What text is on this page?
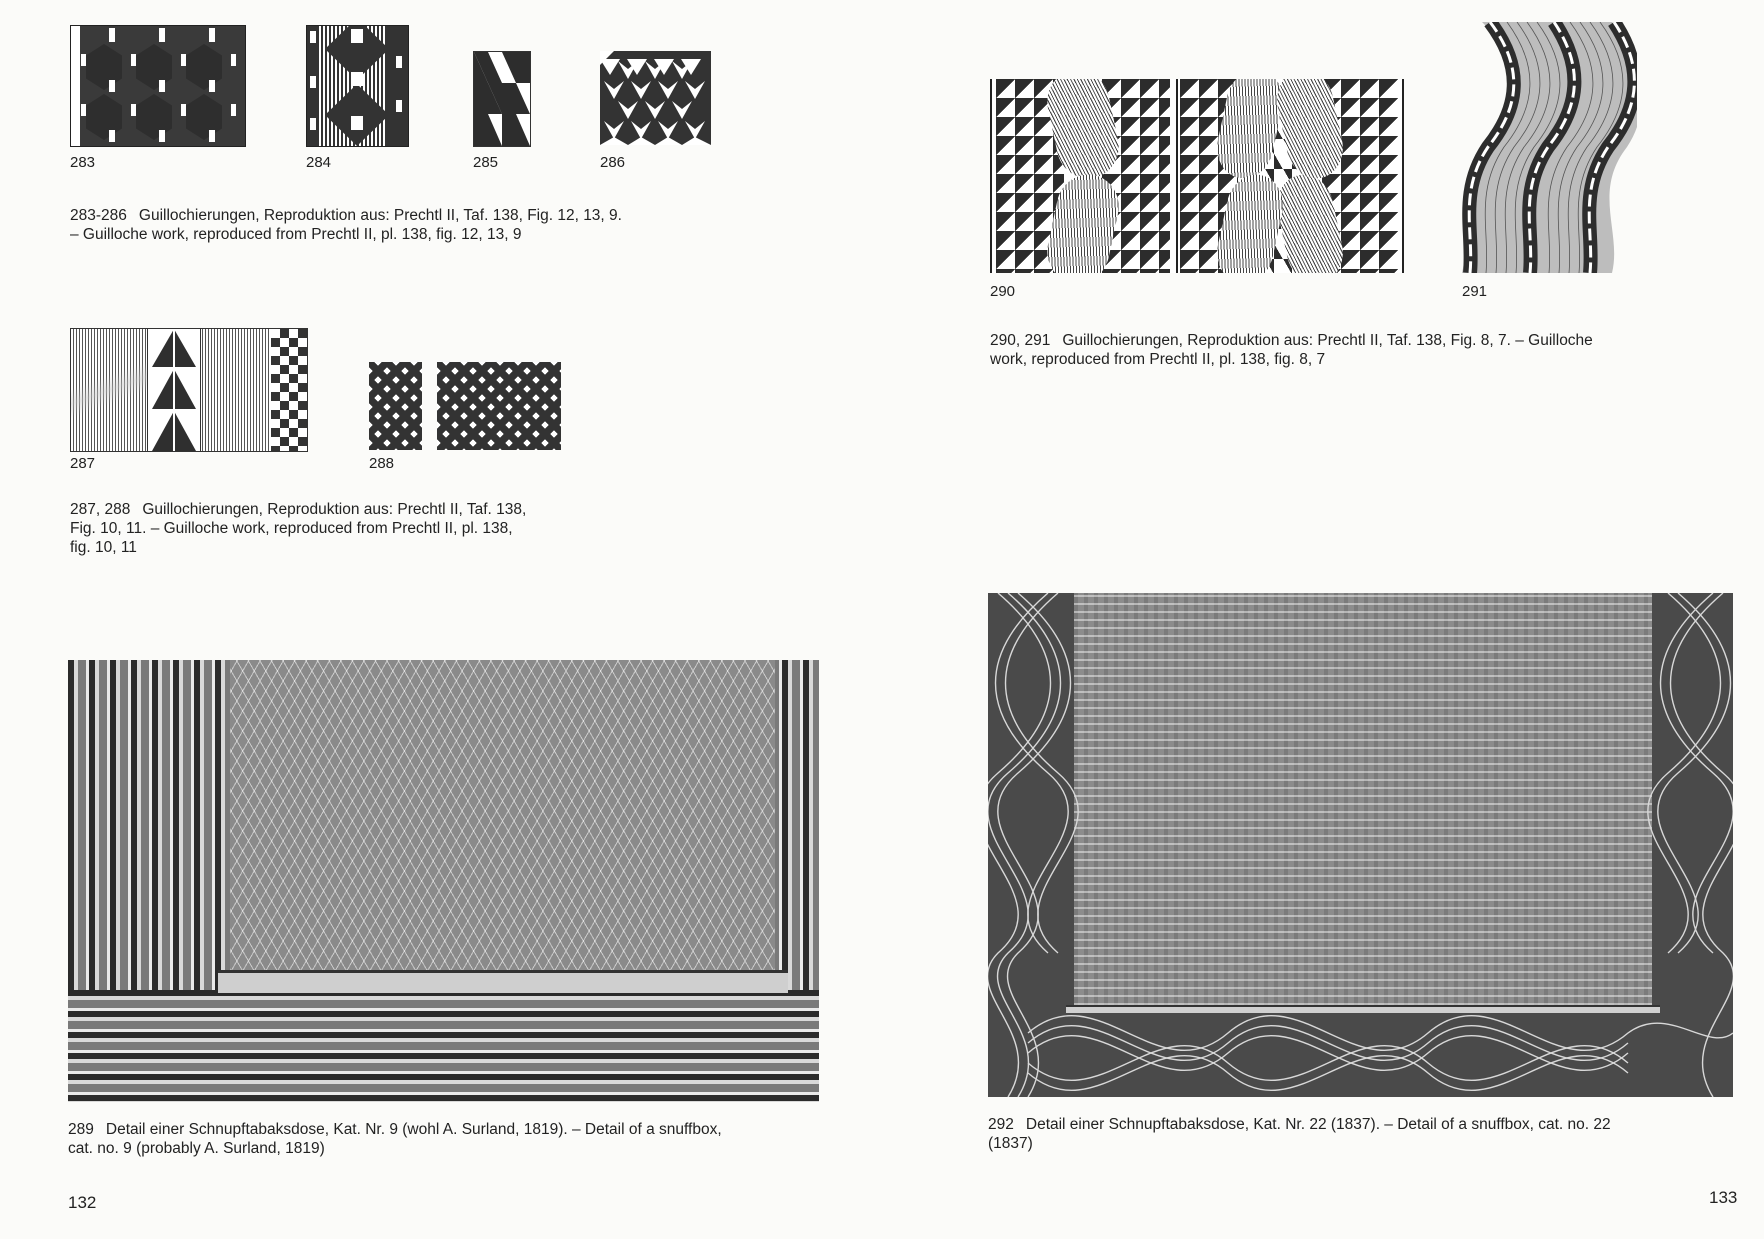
283	284	285	286
283-286 Guillochierungen, Reproduktion aus: Prechtl II, Taf. 138, Fig. 12, 13, 9.
– Guilloche work, reproduced from Prechtl II, pl. 138, fig. 12, 13, 9
287	288
287, 288 Guillochierungen, Reproduktion aus: Prechtl II, Taf. 138,
Fig. 10, 11. – Guilloche work, reproduced from Prechtl II, pl. 138,
fig. 10, 11
289 Detail einer Schnupftabaksdose, Kat. Nr. 9 (wohl A. Surland, 1819). – Detail of a snuffbox,
cat. no. 9 (probably A. Surland, 1819)
132
290	291
290, 291 Guillochierungen, Reproduktion aus: Prechtl II, Taf. 138, Fig. 8, 7. – Guilloche
work, reproduced from Prechtl II, pl. 138, fig. 8, 7
292 Detail einer Schnupftabaksdose, Kat. Nr. 22 (1837). – Detail of a snuffbox, cat. no. 22
(1837)
133
